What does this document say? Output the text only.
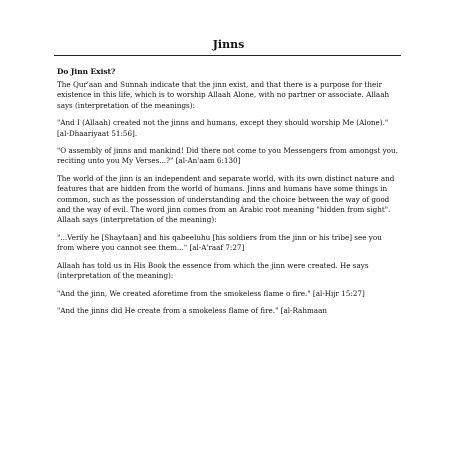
Jinns

Do Jinn Exist?

The Qur'aan and Sunnah indicate that the jinn exist, and that there is a purpose for their existence in this life, which is to worship Allaah Alone, with no partner or associate. Allaah says (interpretation of the meanings):

"And I (Allaah) created not the jinns and humans, except they should worship Me (Alone)." [al-Dhaariyaat 51:56].

"O assembly of jinns and mankind! Did there not come to you Messengers from amongst you, reciting unto you My Verses...?" [al-An'aam 6:130]

The world of the jinn is an independent and separate world, with its own distinct nature and features that are hidden from the world of humans. Jinns and humans have some things in common, such as the possession of understanding and the choice between the way of good and the way of evil. The word jinn comes from an Arabic root meaning "hidden from sight". Allaah says (interpretation of the meaning):

"...Verily he [Shaytaan] and his qabeeluhu [his soldiers from the jinn or his tribe] see you from where you cannot see them..." [al-A'raaf 7:27]

Allaah has told us in His Book the essence from which the jinn were created. He says (interpretation of the meaning):

"And the jinn, We created aforetime from the smokeless flame o fire." [al-Hijr 15:27]

"And the jinns did He create from a smokeless flame of fire." [al-Rahmaan
